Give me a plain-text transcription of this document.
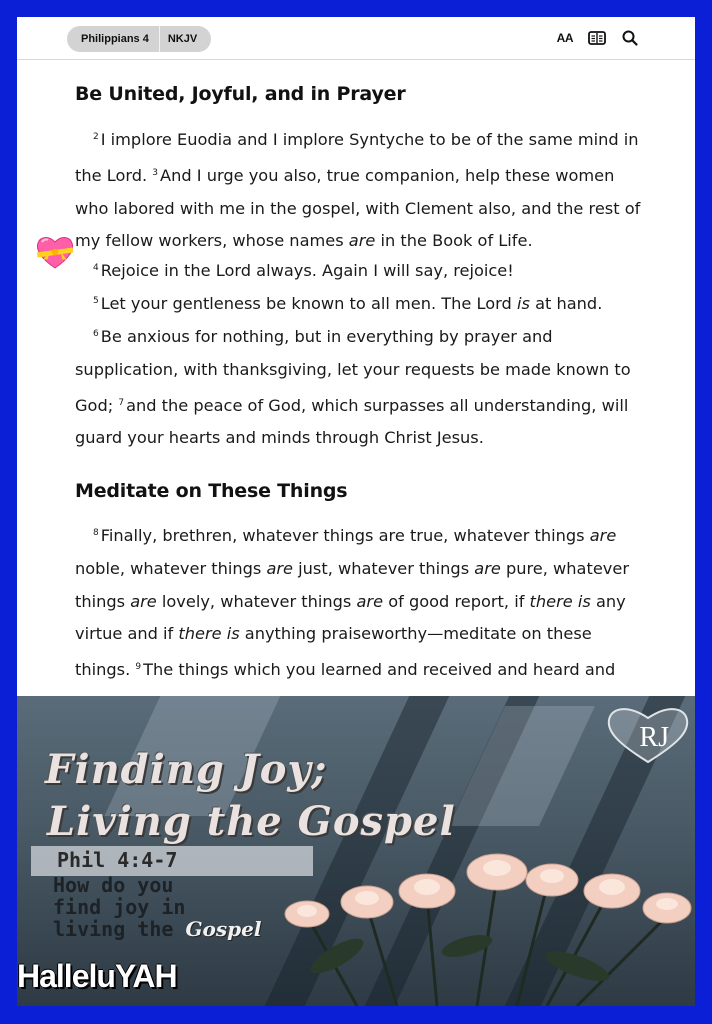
Philippians 4	NKJV	AA
Be United, Joyful, and in Prayer
$^2$ I implore Euodia and I implore Syntyche to be of the same mind in the Lord. $^3$ And I urge you also, true companion, help these women who labored with me in the gospel, with Clement also, and the rest of my fellow workers, whose names are in the Book of Life.
$^4$ Rejoice in the Lord always. Again I will say, rejoice!
$^5$ Let your gentleness be known to all men. The Lord is at hand.
$^6$ Be anxious for nothing, but in everything by prayer and supplication, with thanksgiving, let your requests be made known to God; $^7$ and the peace of God, which surpasses all understanding, will guard your hearts and minds through Christ Jesus.
Meditate on These Things
$^8$ Finally, brethren, whatever things are true, whatever things are noble, whatever things are just, whatever things are pure, whatever things are lovely, whatever things are of good report, if there is any virtue and if there is anything praiseworthy—meditate on these things. $^9$ The things which you learned and received and heard and
Finding Joy;
Living the Gospel
Phil 4:4-7
How do you
find joy in
living the Gospel
RJ
HalleluYAH
